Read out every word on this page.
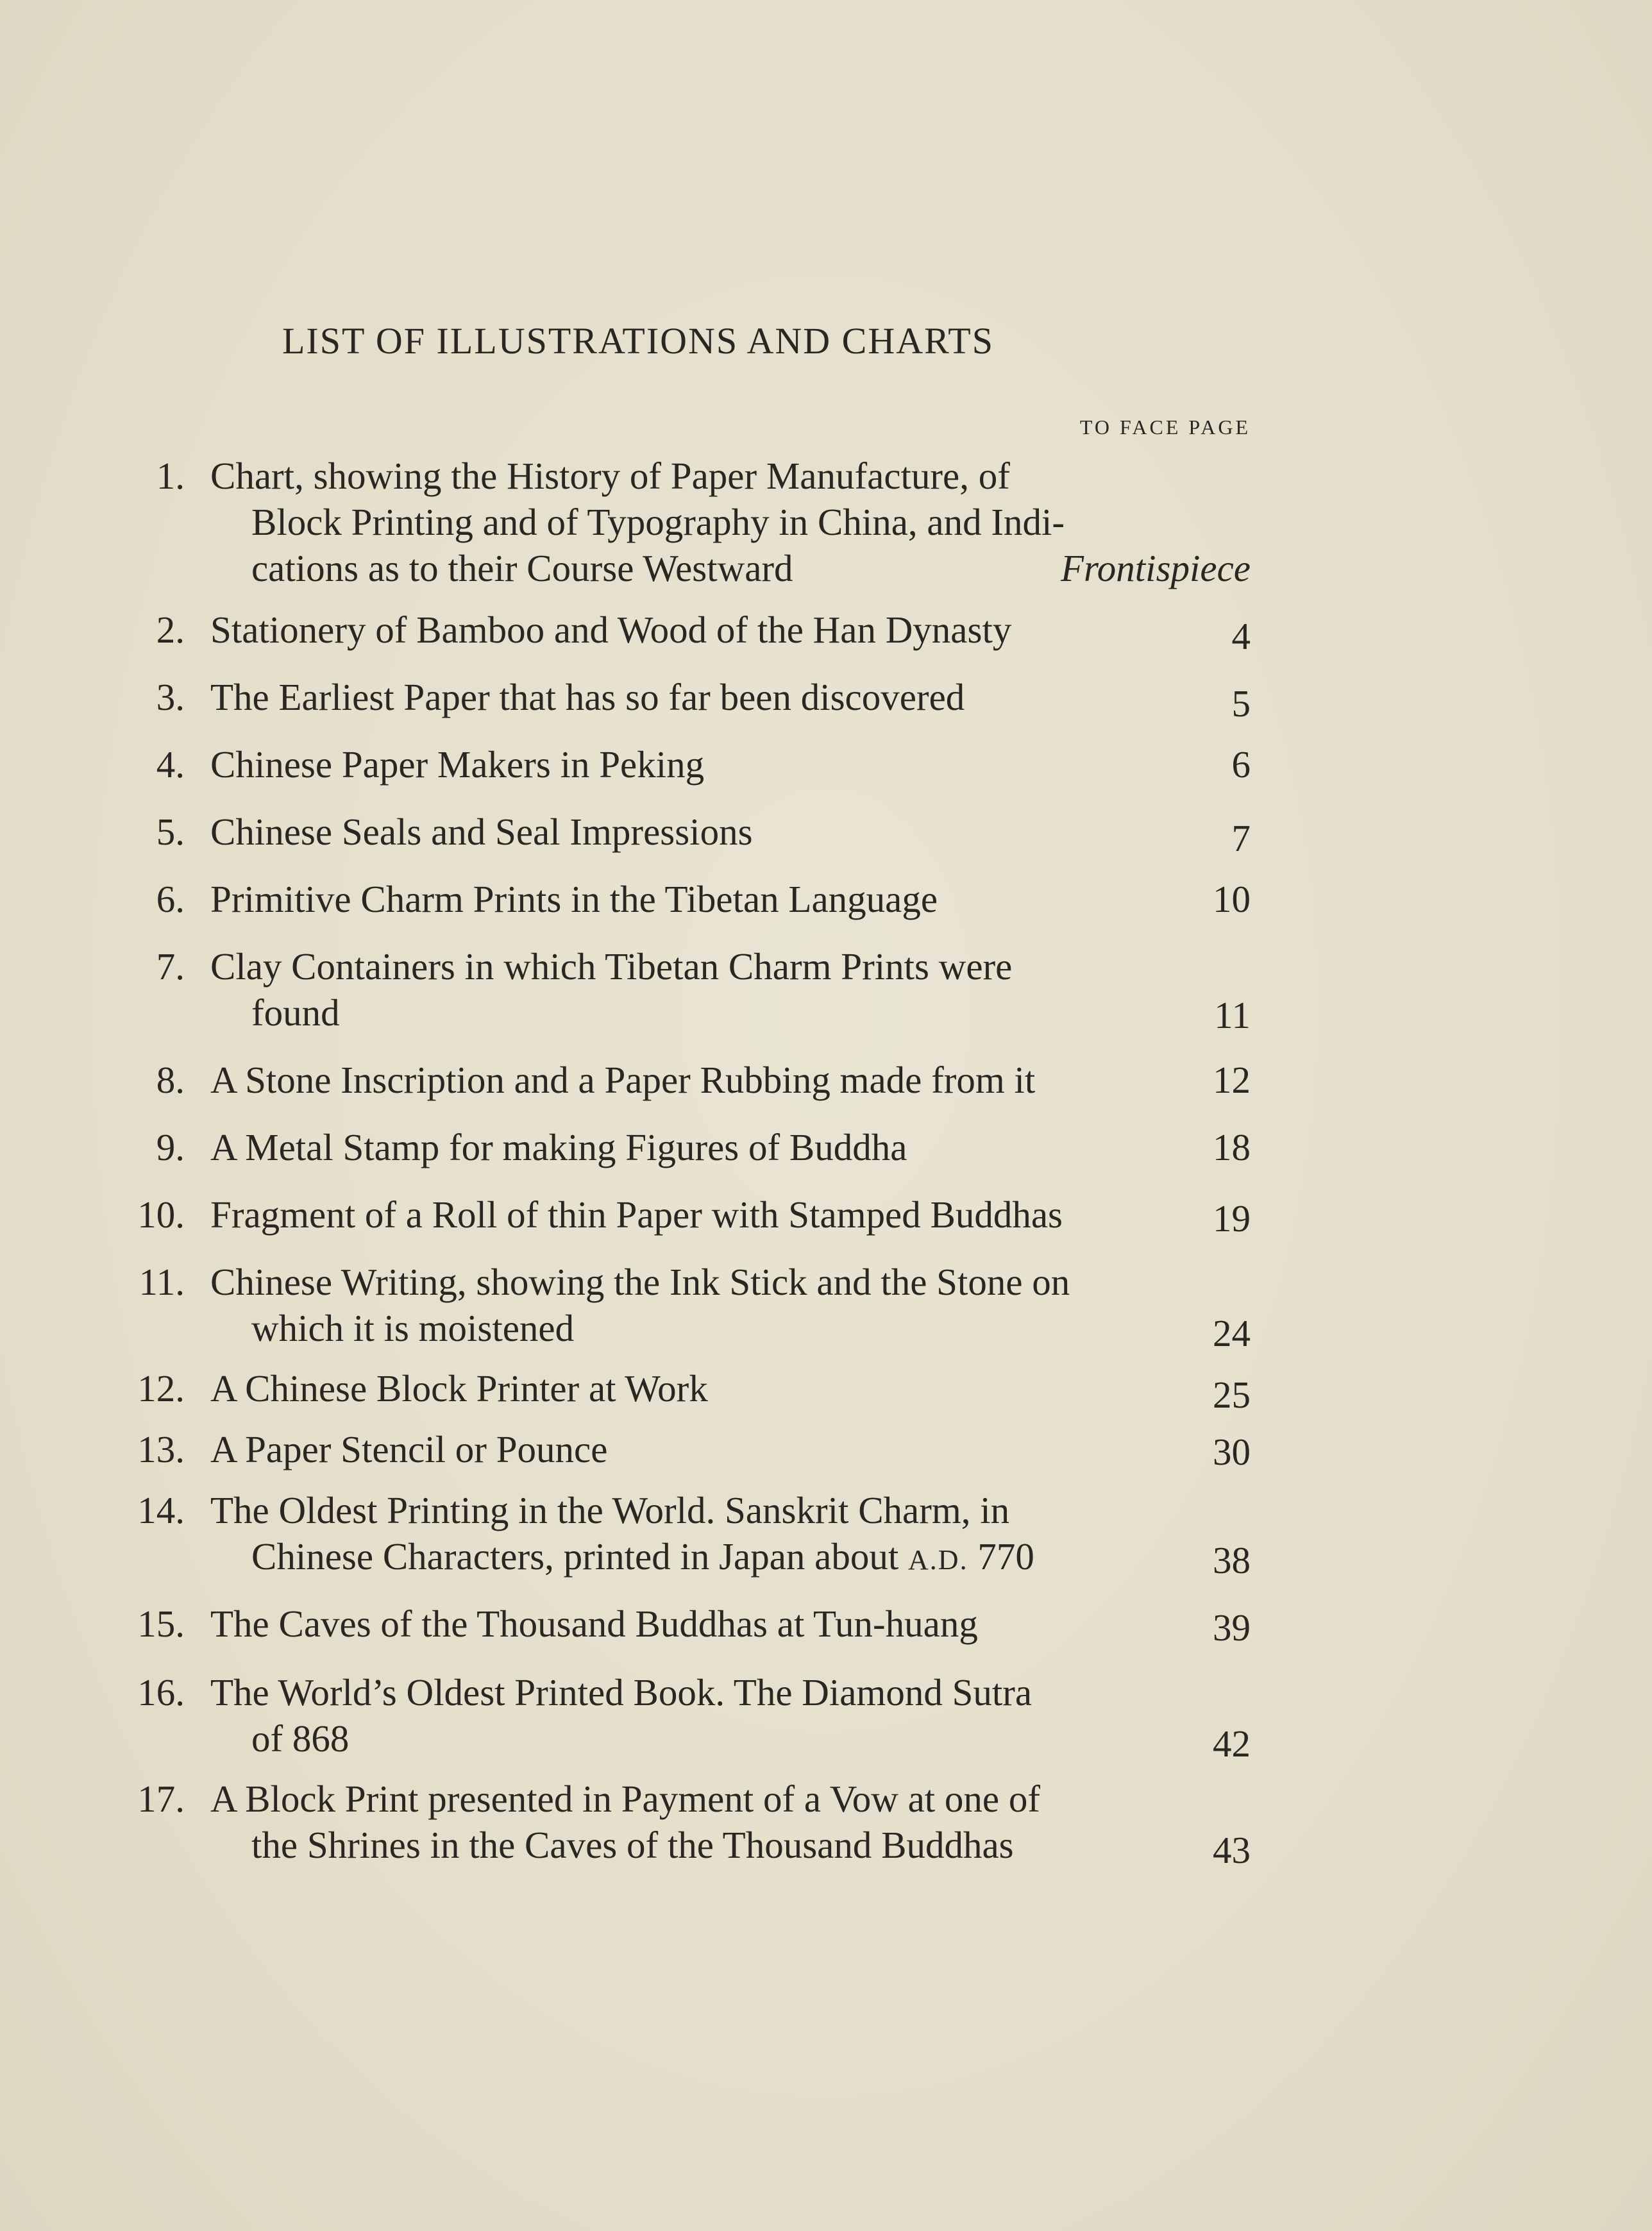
LIST OF ILLUSTRATIONS AND CHARTS
TO FACE PAGE
1. Chart, showing the History of Paper Manufacture, of
Block Printing and of Typography in China, and Indi-
cations as to their Course Westward	Frontispiece
2. Stationery of Bamboo and Wood of the Han Dynasty	4
3. The Earliest Paper that has so far been discovered	5
4. Chinese Paper Makers in Peking	6
5. Chinese Seals and Seal Impressions	7
6. Primitive Charm Prints in the Tibetan Language	10
7. Clay Containers in which Tibetan Charm Prints were
found	11
8. A Stone Inscription and a Paper Rubbing made from it	12
9. A Metal Stamp for making Figures of Buddha	18
10. Fragment of a Roll of thin Paper with Stamped Buddhas	19
11. Chinese Writing, showing the Ink Stick and the Stone on
which it is moistened	24
12. A Chinese Block Printer at Work	25
13. A Paper Stencil or Pounce	30
14. The Oldest Printing in the World. Sanskrit Charm, in
Chinese Characters, printed in Japan about A.D. 770	38
15. The Caves of the Thousand Buddhas at Tun-huang	39
16. The World’s Oldest Printed Book. The Diamond Sutra
of 868	42
17. A Block Print presented in Payment of a Vow at one of
the Shrines in the Caves of the Thousand Buddhas	43
